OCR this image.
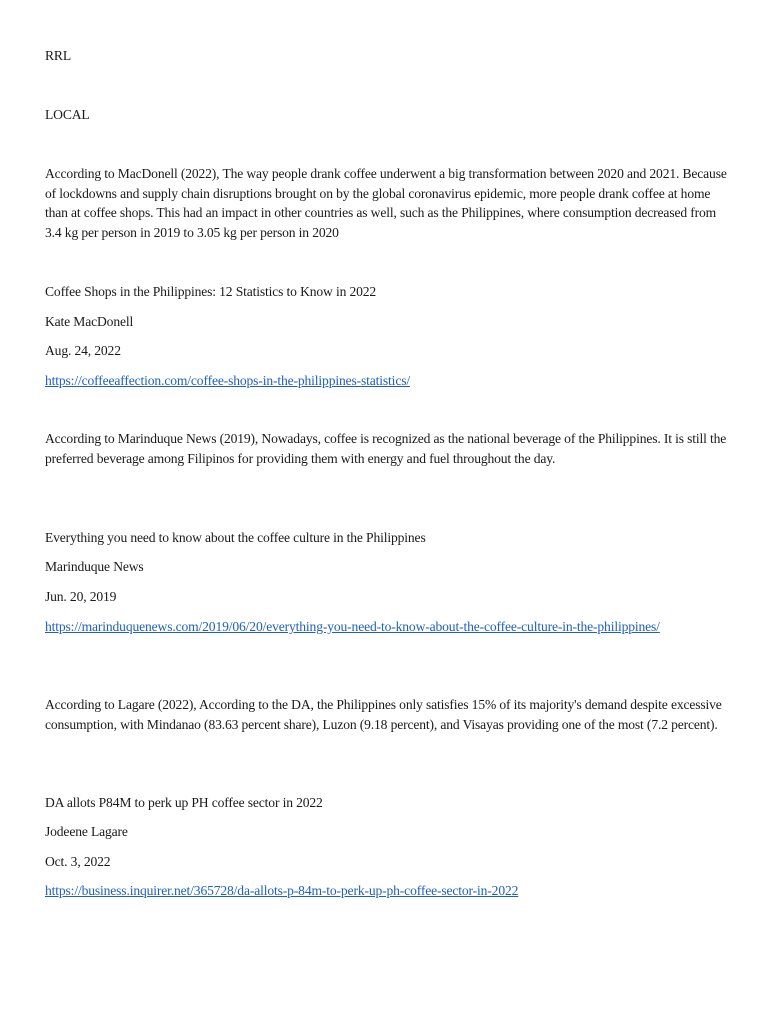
RRL
LOCAL
According to MacDonell (2022), The way people drank coffee underwent a big transformation between 2020 and 2021. Because of lockdowns and supply chain disruptions brought on by the global coronavirus epidemic, more people drank coffee at home than at coffee shops. This had an impact in other countries as well, such as the Philippines, where consumption decreased from 3.4 kg per person in 2019 to 3.05 kg per person in 2020
Coffee Shops in the Philippines: 12 Statistics to Know in 2022
Kate MacDonell
Aug. 24, 2022
https://coffeeaffection.com/coffee-shops-in-the-philippines-statistics/
According to Marinduque News (2019), Nowadays, coffee is recognized as the national beverage of the Philippines. It is still the preferred beverage among Filipinos for providing them with energy and fuel throughout the day.
Everything you need to know about the coffee culture in the Philippines
Marinduque News
Jun. 20, 2019
https://marinduquenews.com/2019/06/20/everything-you-need-to-know-about-the-coffee-culture-in-the-philippines/
According to Lagare (2022), According to the DA, the Philippines only satisfies 15% of its majority's demand despite excessive consumption, with Mindanao (83.63 percent share), Luzon (9.18 percent), and Visayas providing one of the most (7.2 percent).
DA allots P84M to perk up PH coffee sector in 2022
Jodeene Lagare
Oct. 3, 2022
https://business.inquirer.net/365728/da-allots-p-84m-to-perk-up-ph-coffee-sector-in-2022
